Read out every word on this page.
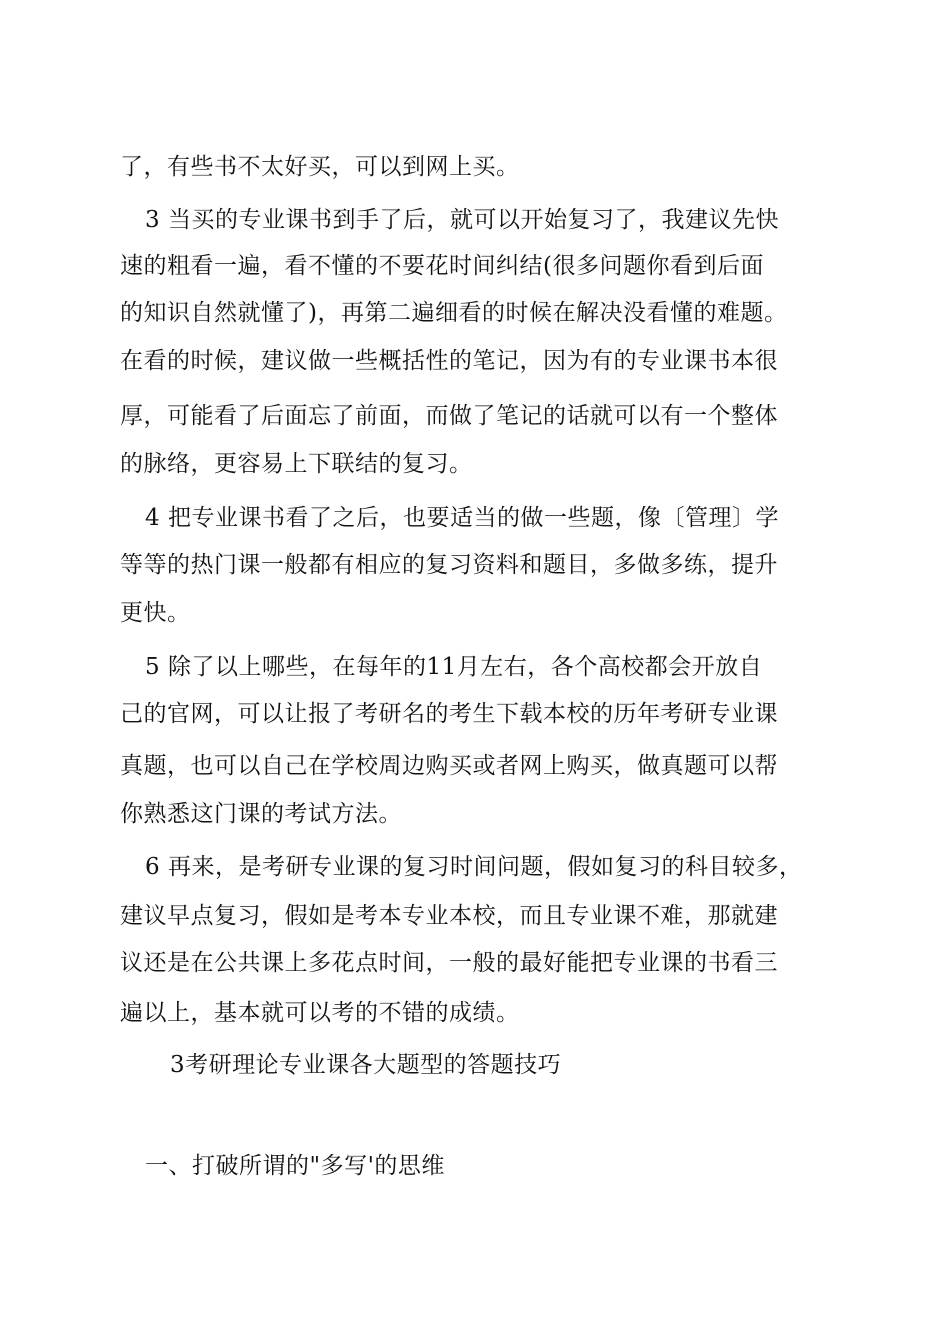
了，有些书不太好买，可以到网上买。
3 当买的专业课书到手了后，就可以开始复习了，我建议先快
速的粗看一遍，看不懂的不要花时间纠结(很多问题你看到后面
的知识自然就懂了)，再第二遍细看的时候在解决没看懂的难题。
在看的时候，建议做一些概括性的笔记，因为有的专业课书本很
厚，可能看了后面忘了前面，而做了笔记的话就可以有一个整体
的脉络，更容易上下联结的复习。
4 把专业课书看了之后，也要适当的做一些题，像〔管理〕学
等等的热门课一般都有相应的复习资料和题目，多做多练，提升
更快。
5 除了以上哪些，在每年的11月左右，各个高校都会开放自
己的官网，可以让报了考研名的考生下载本校的历年考研专业课
真题，也可以自己在学校周边购买或者网上购买，做真题可以帮
你熟悉这门课的考试方法。
6 再来，是考研专业课的复习时间问题，假如复习的科目较多，
建议早点复习，假如是考本专业本校，而且专业课不难，那就建
议还是在公共课上多花点时间，一般的最好能把专业课的书看三
遍以上，基本就可以考的不错的成绩。
3考研理论专业课各大题型的答题技巧
一、打破所谓的"多写'的思维
